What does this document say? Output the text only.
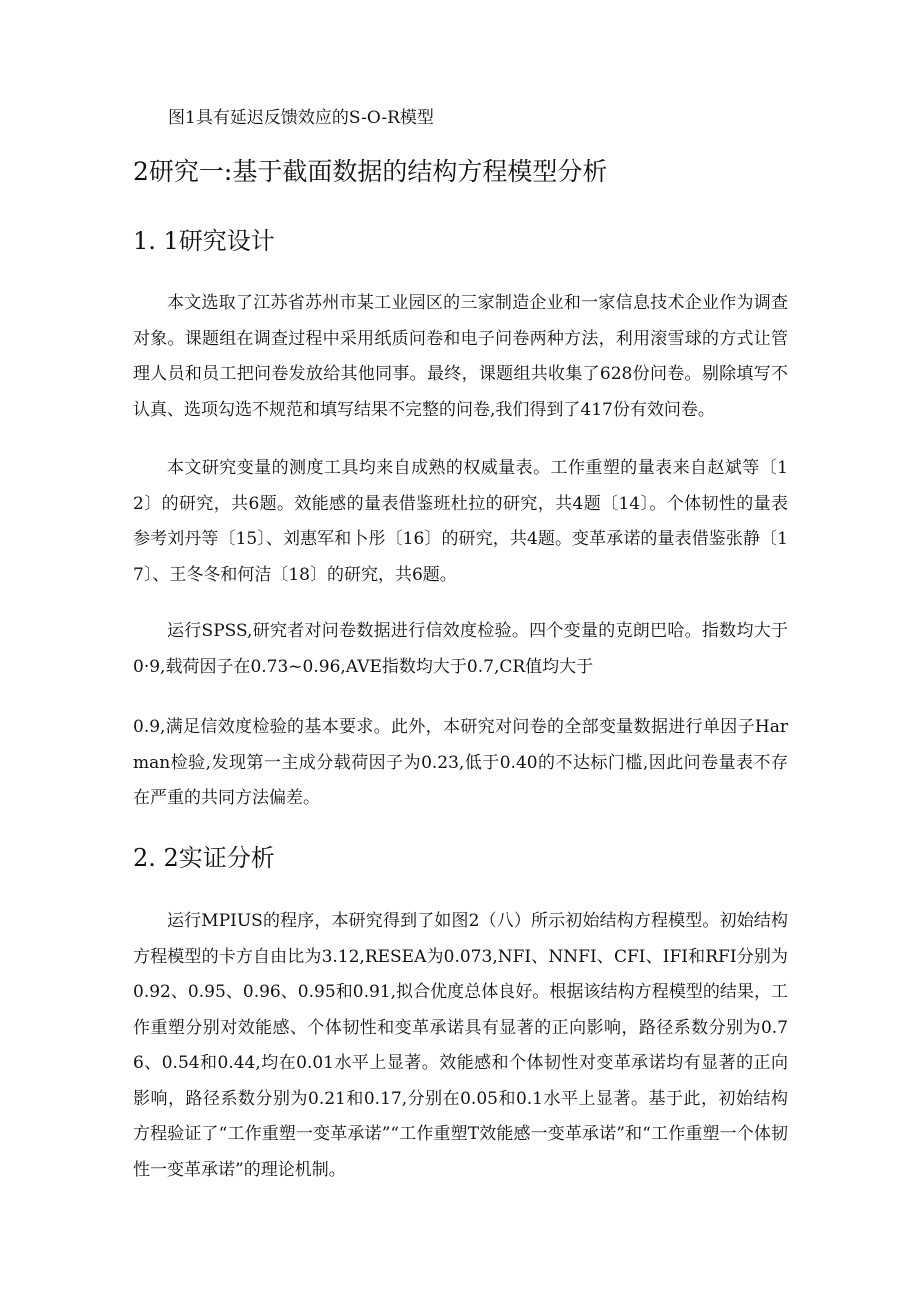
图1具有延迟反馈效应的S-O-R模型
2研究一:基于截面数据的结构方程模型分析
1. 1研究设计

本文选取了江苏省苏州市某工业园区的三家制造企业和一家信息技术企业作为调查对象。课题组在调查过程中采用纸质问卷和电子问卷两种方法，利用滚雪球的方式让管理人员和员工把问卷发放给其他同事。最终，课题组共收集了628份问卷。剔除填写不认真、选项勾选不规范和填写结果不完整的问卷,我们得到了417份有效问卷。

本文研究变量的测度工具均来自成熟的权威量表。工作重塑的量表来自赵斌等〔12〕的研究，共6题。效能感的量表借鉴班杜拉的研究，共4题〔14〕。个体韧性的量表参考刘丹等〔15〕、刘惠军和卜彤〔16〕的研究，共4题。变革承诺的量表借鉴张静〔17〕、王冬冬和何洁〔18〕的研究，共6题。

运行SPSS,研究者对问卷数据进行信效度检验。四个变量的克朗巴哈。指数均大于0·9,载荷因子在0.73~0.96,AVE指数均大于0.7,CR值均大于

0.9,满足信效度检验的基本要求。此外，本研究对问卷的全部变量数据进行单因子Harman检验,发现第一主成分载荷因子为0.23,低于0.40的不达标门槛,因此问卷量表不存在严重的共同方法偏差。

2. 2实证分析

运行MPIUS的程序，本研究得到了如图2（八）所示初始结构方程模型。初始结构方程模型的卡方自由比为3.12,RESEA为0.073,NFI、NNFI、CFI、IFI和RFI分别为0.92、0.95、0.96、0.95和0.91,拟合优度总体良好。根据该结构方程模型的结果，工作重塑分别对效能感、个体韧性和变革承诺具有显著的正向影响，路径系数分别为0.76、0.54和0.44,均在0.01水平上显著。效能感和个体韧性对变革承诺均有显著的正向影响，路径系数分别为0.21和0.17,分别在0.05和0.1水平上显著。基于此，初始结构方程验证了“工作重塑一变革承诺”“工作重塑T效能感一变革承诺”和“工作重塑一个体韧性一变革承诺”的理论机制。
